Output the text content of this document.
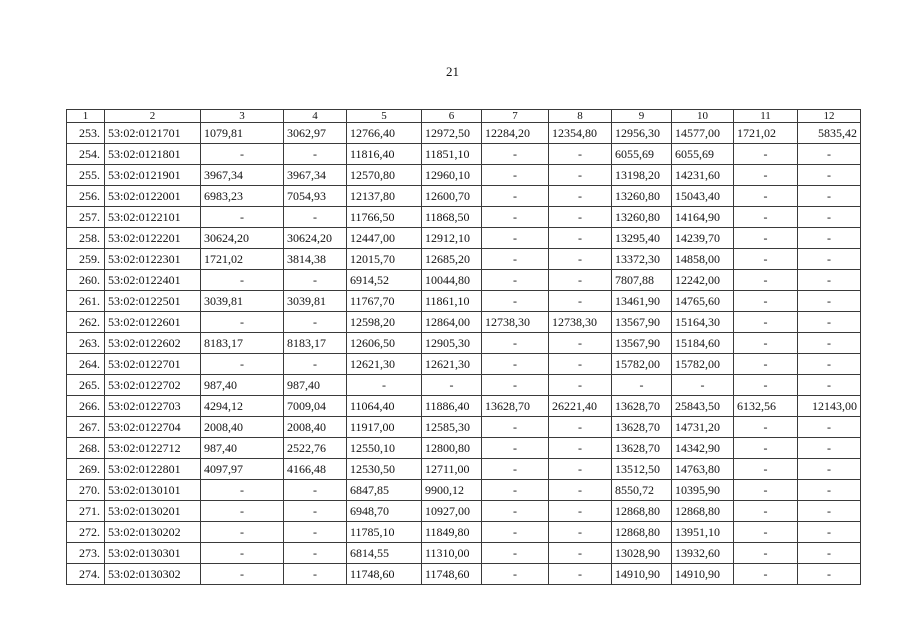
21
1	2	3	4	5	6	7	8	9	10	11	12
253.	53:02:0121701	1079,81	3062,97	12766,40	12972,50	12284,20	12354,80	12956,30	14577,00	1721,02	5835,42
254.	53:02:0121801	-	-	11816,40	11851,10	-	-	6055,69	6055,69	-	-
255.	53:02:0121901	3967,34	3967,34	12570,80	12960,10	-	-	13198,20	14231,60	-	-
256.	53:02:0122001	6983,23	7054,93	12137,80	12600,70	-	-	13260,80	15043,40	-	-
257.	53:02:0122101	-	-	11766,50	11868,50	-	-	13260,80	14164,90	-	-
258.	53:02:0122201	30624,20	30624,20	12447,00	12912,10	-	-	13295,40	14239,70	-	-
259.	53:02:0122301	1721,02	3814,38	12015,70	12685,20	-	-	13372,30	14858,00	-	-
260.	53:02:0122401	-	-	6914,52	10044,80	-	-	7807,88	12242,00	-	-
261.	53:02:0122501	3039,81	3039,81	11767,70	11861,10	-	-	13461,90	14765,60	-	-
262.	53:02:0122601	-	-	12598,20	12864,00	12738,30	12738,30	13567,90	15164,30	-	-
263.	53:02:0122602	8183,17	8183,17	12606,50	12905,30	-	-	13567,90	15184,60	-	-
264.	53:02:0122701	-	-	12621,30	12621,30	-	-	15782,00	15782,00	-	-
265.	53:02:0122702	987,40	987,40	-	-	-	-	-	-	-	-
266.	53:02:0122703	4294,12	7009,04	11064,40	11886,40	13628,70	26221,40	13628,70	25843,50	6132,56	12143,00
267.	53:02:0122704	2008,40	2008,40	11917,00	12585,30	-	-	13628,70	14731,20	-	-
268.	53:02:0122712	987,40	2522,76	12550,10	12800,80	-	-	13628,70	14342,90	-	-
269.	53:02:0122801	4097,97	4166,48	12530,50	12711,00	-	-	13512,50	14763,80	-	-
270.	53:02:0130101	-	-	6847,85	9900,12	-	-	8550,72	10395,90	-	-
271.	53:02:0130201	-	-	6948,70	10927,00	-	-	12868,80	12868,80	-	-
272.	53:02:0130202	-	-	11785,10	11849,80	-	-	12868,80	13951,10	-	-
273.	53:02:0130301	-	-	6814,55	11310,00	-	-	13028,90	13932,60	-	-
274.	53:02:0130302	-	-	11748,60	11748,60	-	-	14910,90	14910,90	-	-
